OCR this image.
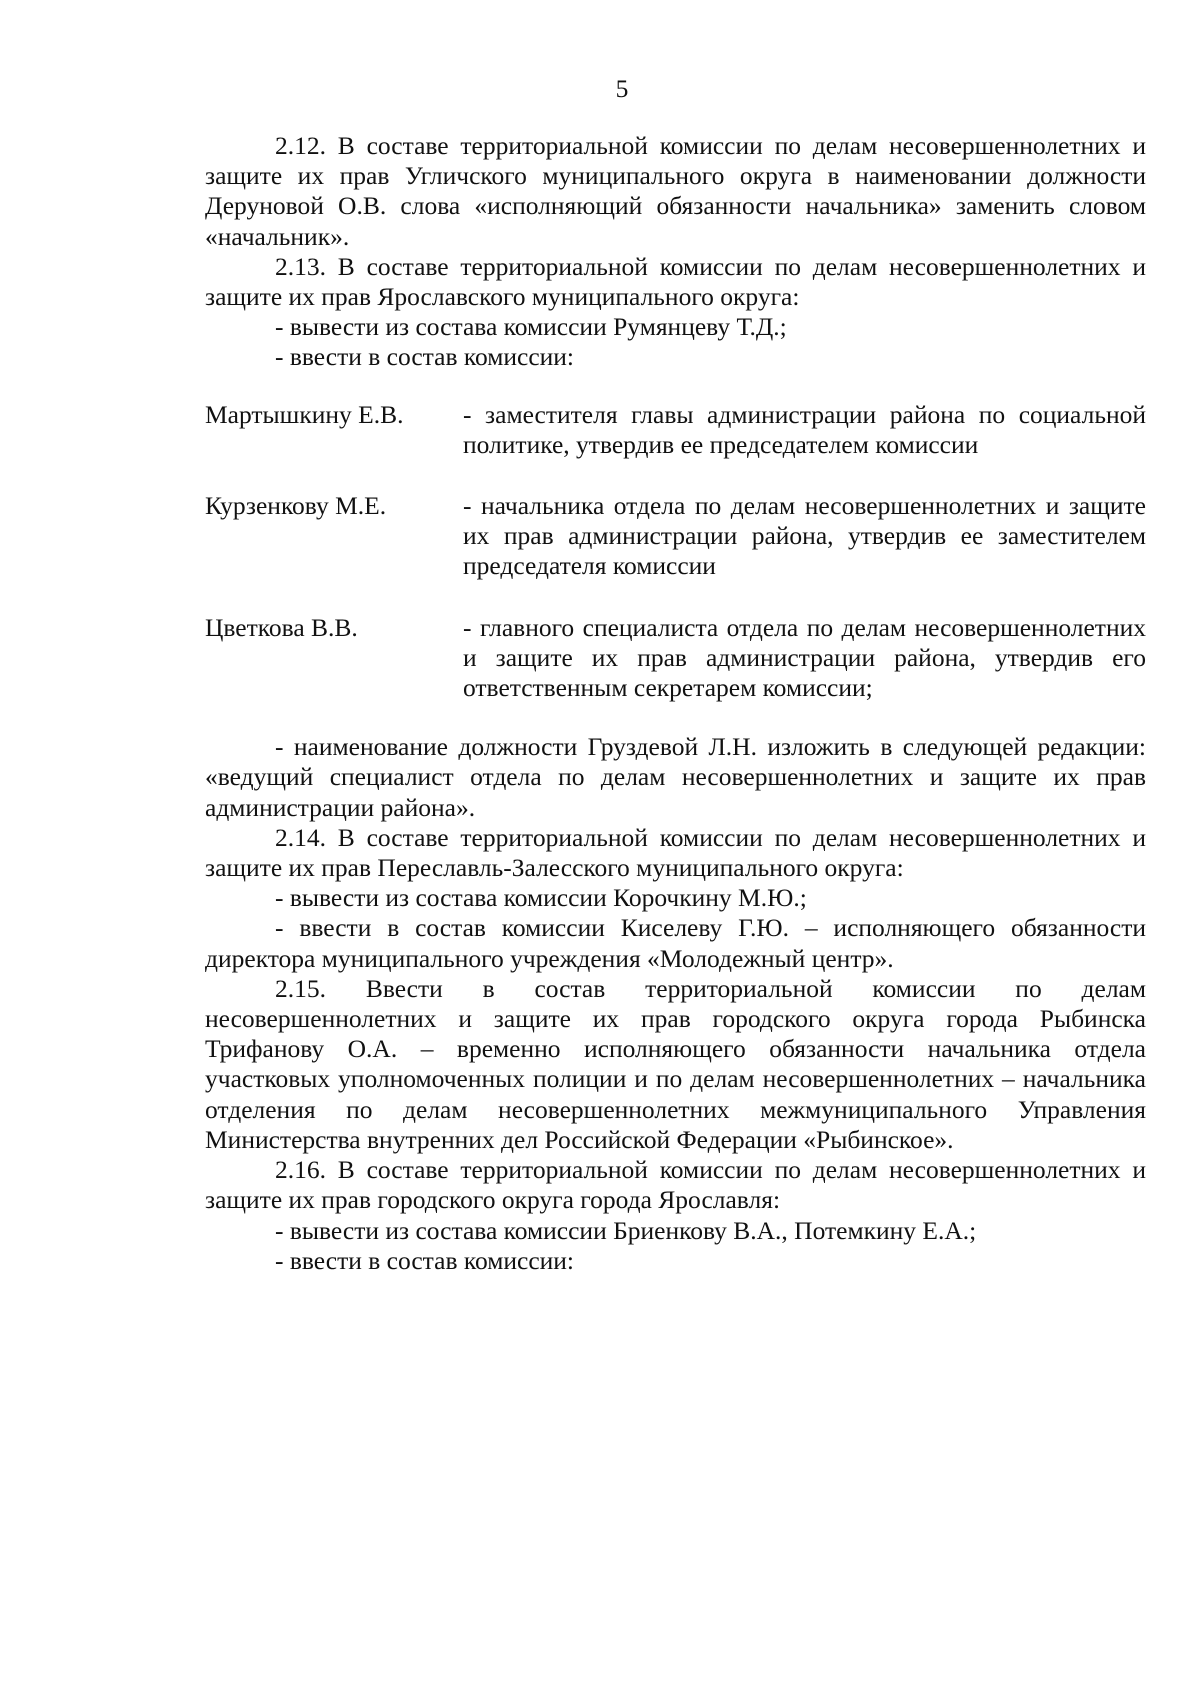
5

2.12. В составе территориальной комиссии по делам несовершеннолетних и защите их прав Угличского муниципального округа в наименовании должности Деруновой О.В. слова «исполняющий обязанности начальника» заменить словом «начальник».

2.13. В составе территориальной комиссии по делам несовершеннолетних и защите их прав Ярославского муниципального округа:

- вывести из состава комиссии Румянцеву Т.Д.;

- ввести в состав комиссии:

Мартышкину Е.В.	- заместителя главы администрации района по социальной политике, утвердив ее председателем комиссии
Курзенкову М.Е.	- начальника отдела по делам несовершеннолетних и защите их прав администрации района, утвердив ее заместителем председателя комиссии
Цветкова В.В.	- главного специалиста отдела по делам несовершеннолетних и защите их прав администрации района, утвердив его ответственным секретарем комиссии;

- наименование должности Груздевой Л.Н. изложить в следующей редакции: «ведущий специалист отдела по делам несовершеннолетних и защите их прав администрации района».

2.14. В составе территориальной комиссии по делам несовершеннолетних и защите их прав Переславль-Залесского муниципального округа:

- вывести из состава комиссии Корочкину М.Ю.;

- ввести в состав комиссии Киселеву Г.Ю. – исполняющего обязанности директора муниципального учреждения «Молодежный центр».

2.15. Ввести в состав территориальной комиссии по делам несовершеннолетних и защите их прав городского округа города Рыбинска Трифанову О.А. – временно исполняющего обязанности начальника отдела участковых уполномоченных полиции и по делам несовершеннолетних – начальника отделения по делам несовершеннолетних межмуниципального Управления Министерства внутренних дел Российской Федерации «Рыбинское».

2.16. В составе территориальной комиссии по делам несовершеннолетних и защите их прав городского округа города Ярославля:

- вывести из состава комиссии Бриенкову В.А., Потемкину Е.А.;

- ввести в состав комиссии:
